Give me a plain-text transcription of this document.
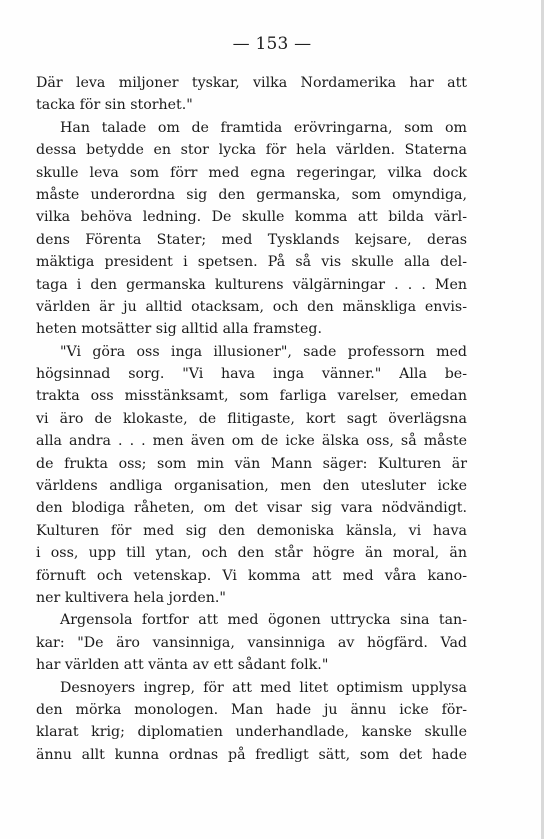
— 153 —
Där leva miljoner tyskar, vilka Nordamerika har att
tacka för sin storhet."
Han talade om de framtida erövringarna, som om
dessa betydde en stor lycka för hela världen. Staterna
skulle leva som förr med egna regeringar, vilka dock
måste underordna sig den germanska, som omyndiga,
vilka behöva ledning. De skulle komma att bilda värl-
dens Förenta Stater; med Tysklands kejsare, deras
mäktiga president i spetsen. På så vis skulle alla del-
taga i den germanska kulturens välgärningar . . . Men
världen är ju alltid otacksam, och den mänskliga envis-
heten motsätter sig alltid alla framsteg.
"Vi göra oss inga illusioner", sade professorn med
högsinnad sorg. "Vi hava inga vänner." Alla be-
trakta oss misstänksamt, som farliga varelser, emedan
vi äro de klokaste, de flitigaste, kort sagt överlägsna
alla andra . . . men även om de icke älska oss, så måste
de frukta oss; som min vän Mann säger: Kulturen är
världens andliga organisation, men den utesluter icke
den blodiga råheten, om det visar sig vara nödvändigt.
Kulturen för med sig den demoniska känsla, vi hava
i oss, upp till ytan, och den står högre än moral, än
förnuft och vetenskap. Vi komma att med våra kano-
ner kultivera hela jorden."
Argensola fortfor att med ögonen uttrycka sina tan-
kar: "De äro vansinniga, vansinniga av högfärd. Vad
har världen att vänta av ett sådant folk."
Desnoyers ingrep, för att med litet optimism upplysa
den mörka monologen. Man hade ju ännu icke för-
klarat krig; diplomatien underhandlade, kanske skulle
ännu allt kunna ordnas på fredligt sätt, som det hade
